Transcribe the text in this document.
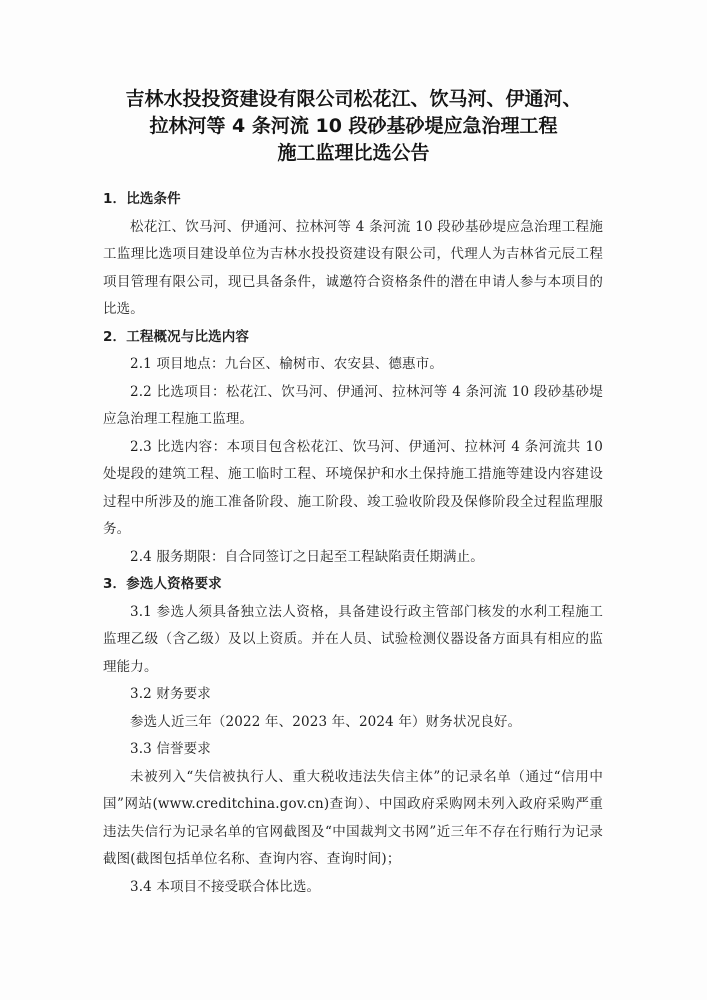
吉林水投投资建设有限公司松花江、饮马河、伊通河、
拉林河等 4 条河流 10 段砂基砂堤应急治理工程
施工监理比选公告

1．比选条件

松花江、饮马河、伊通河、拉林河等 4 条河流 10 段砂基砂堤应急治理工程施工监理比选项目建设单位为吉林水投投资建设有限公司，代理人为吉林省元辰工程项目管理有限公司，现已具备条件，诚邀符合资格条件的潜在申请人参与本项目的比选。

2．工程概况与比选内容

2.1 项目地点：九台区、榆树市、农安县、德惠市。

2.2 比选项目：松花江、饮马河、伊通河、拉林河等 4 条河流 10 段砂基砂堤应急治理工程施工监理。

2.3 比选内容：本项目包含松花江、饮马河、伊通河、拉林河 4 条河流共 10 处堤段的建筑工程、施工临时工程、环境保护和水土保持施工措施等建设内容建设过程中所涉及的施工准备阶段、施工阶段、竣工验收阶段及保修阶段全过程监理服务。

2.4 服务期限：自合同签订之日起至工程缺陷责任期满止。

3．参选人资格要求

3.1 参选人须具备独立法人资格，具备建设行政主管部门核发的水利工程施工监理乙级（含乙级）及以上资质。并在人员、试验检测仪器设备方面具有相应的监理能力。

3.2 财务要求

参选人近三年（2022 年、2023 年、2024 年）财务状况良好。

3.3 信誉要求

未被列入“失信被执行人、重大税收违法失信主体”的记录名单（通过“信用中国”网站(www.creditchina.gov.cn)查询）、中国政府采购网未列入政府采购严重违法失信行为记录名单的官网截图及“中国裁判文书网”近三年不存在行贿行为记录截图(截图包括单位名称、查询内容、查询时间)；

3.4 本项目不接受联合体比选。
